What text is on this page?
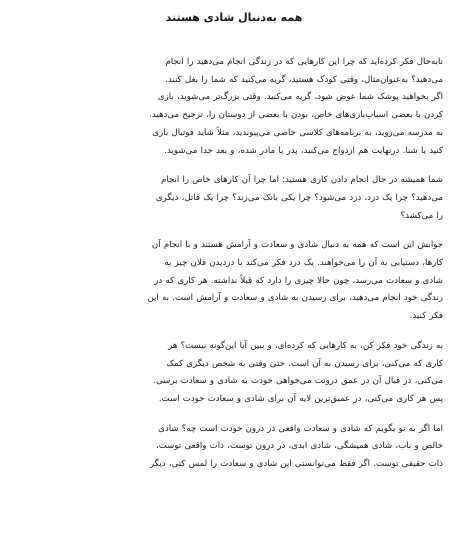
همه به‌دنبال شادی هستند

تابه‌حال فکر کرده‌اید که چرا این کارهایی که در زندگی انجام می‌دهید را انجام
می‌دهید؟ به‌عنوان‌مثال، وقتی کودک هستید، گریه می‌کنید که شما را بغل کنند.
اگر بخواهید پوشک شما عوض شود، گریه می‌کنید. وقتی بزرگ‌تر می‌شوید، بازی
کردن با بعضی اسباب‌بازی‌های خاص، بودن با بعضی از دوستان را، ترجیح می‌دهید.
به مدرسه می‌روید، به برنامه‌های کلاسی خاصی می‌پیوندید، مثلاً شاید فوتبال بازی
کنید یا شنا. درنهایت هم ازدواج می‌کنید، پدر یا مادر شده، و بعد جدا می‌شوید.

شما همیشه در حال انجام دادن کاری هستید؛ اما چرا آن کارهای خاص را انجام
می‌دهید؟ چرا یک دزد، دزد می‌شود؟ چرا یکی بانک می‌زند؟ چرا یک قاتل، دیگری
را می‌کشد؟

جوابش این است که همه به دنبال شادی و سعادت و آرامش هستند و با انجام آن
کارها، دستیابی به آن را می‌خواهند. یک دزد فکر می‌کند با دزدیدن فلان چیز به
شادی و سعادت می‌رسد، چون حالا چیزی را دارد که قبلاً نداشته. هر کاری که در
زندگی خود انجام می‌دهید، برای رسیدن به شادی و سعادت و آرامش است. به این
فکر کنید.

به زندگی خود فکر کن، به کارهایی که کرده‌ای، و ببین آیا این‌گونه نیست؟ هر
کاری که می‌کنی، برای رسیدن به آن است. حتی وقتی به شخص دیگری کمک
می‌کنی، در قبال آن در عمق درونت می‌خواهی خودت به شادی و سعادت برسی.
پس هر کاری می‌کنی، در عمیق‌ترین لایه آن برای شادی و سعادت خودت است.

اما اگر به تو بگویم که شادی و سعادت واقعی در درون خودت است چه؟ شادی
خالص و ناب، شادی همیشگی، شادی ابدی، در درون توست، ذات واقعی توست،
ذات حقیقی توست. اگر فقط می‌توانستی این شادی و سعادت را لمس کنی، دیگر
